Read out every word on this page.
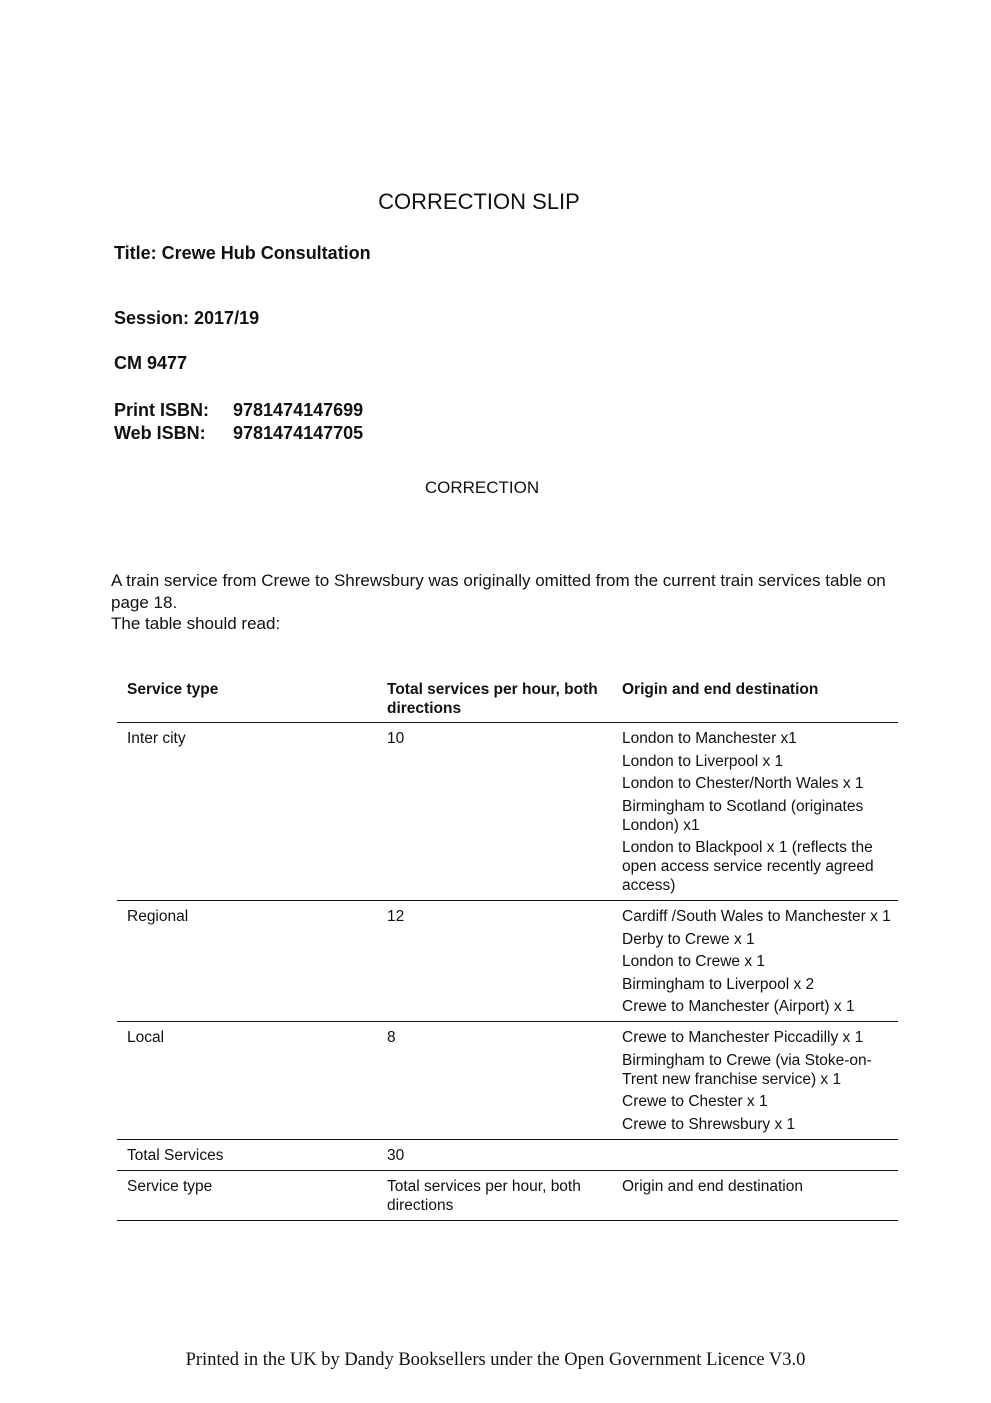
CORRECTION SLIP
Title: Crewe Hub Consultation
Session: 2017/19
CM 9477
Print ISBN: 9781474147699
Web ISBN: 9781474147705
CORRECTION
A train service from Crewe to Shrewsbury was originally omitted from the current train services table on page 18.
The table should read:
Service type	Total services per hour, both directions	Origin and end destination
Inter city	10	London to Manchester x1
London to Liverpool x 1
London to Chester/North Wales x 1
Birmingham to Scotland (originates London) x1
London to Blackpool x 1 (reflects the open access service recently agreed access)

Regional	12	Cardiff /South Wales to Manchester x 1
Derby to Crewe x 1
London to Crewe x 1
Birmingham to Liverpool x 2
Crewe to Manchester (Airport) x 1

Local	8	Crewe to Manchester Piccadilly x 1
Birmingham to Crewe (via Stoke-on-Trent new franchise service) x 1
Crewe to Chester x 1
Crewe to Shrewsbury x 1

Total Services	30	
Service type	Total services per hour, both directions	Origin and end destination
Printed in the UK by Dandy Booksellers under the Open Government Licence V3.0
